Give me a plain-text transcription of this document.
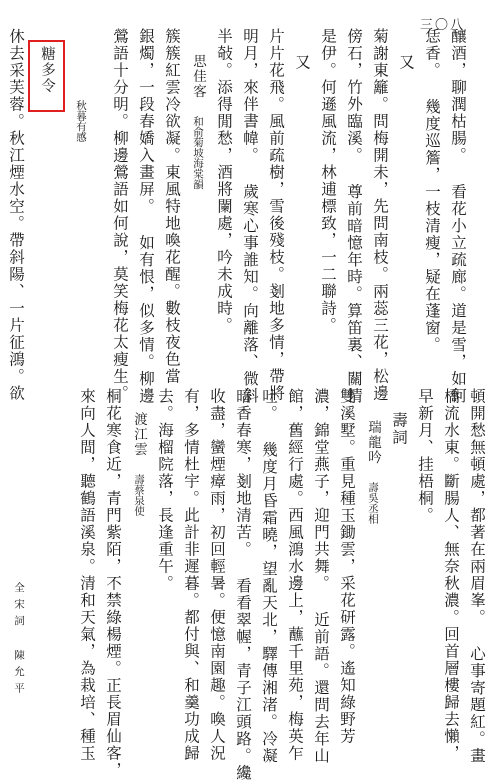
三〇八
釀酒，聊潤枯腸。 看花小立疏廊。道是雪，如何
恁香。 幾度巡簷，一枝清瘦，疑在蓬窗。
又
菊謝東籬。問梅開未，先問南枝。兩蕊三花，松邊
傍石，竹外臨溪。 尊前暗憶年時。算笛裏、關情
是伊。何遜風流，林逋標致，一二聯詩。
又
片片花飛。風前疏樹，雪後殘枝。剗地多情，帶將
明月，來伴書幃。 歲寒心事誰知。向離落、微斜
半敧。添得閒愁，酒將闌處，吟未成時。
思佳客　和俞菊坡海棠韻
簇簇紅雲冷欲凝。東風特地喚花醒。數枝夜色當
銀燭，一段春嬌入畫屏。 如有恨，似多情。柳邊
鶯語十分明。柳邊鶯語如何說，莫笑梅花太瘦生。
糖多令
秋暮有感
休去采芙蓉。秋江煙水空。帶斜陽、一片征鴻。欲
頓開愁無頓處，都著在兩眉峯。 心事寄題紅。畫
橋流水東。斷腸人、無奈秋濃。回首層樓歸去懶，
早新月、挂梧桐。
壽詞
瑞龍吟　壽吳丞相
雙溪墅。重見種玉鋤雲，采花研露。遙知綠野芳
濃，錦堂燕子，迎門共舞。 近前語。還問去年山
館，舊經行處。西風鴻水邊上，蘸千里苑，梅英乍
吐。 幾度月昏霜曉，望亂天北，驛傳湘渚。冷凝
暗香春寒，剗地清苦。 看看翠幄，青子江頭路。纔
收盡，蠻煙瘴雨，初回輕暑。便憶南園趣。喚人況
有，多情杜宇。此計非遲暮。都付與、和羹功成歸
去。海榴院落，長逢重午。
渡江雲　壽蔡泉使
桐花寒食近，青門紫陌，不禁綠楊煙。正長眉仙客，
來向人間，聽鶴語溪泉。清和天氣，為栽培、種玉
全宋詞 陳允平
